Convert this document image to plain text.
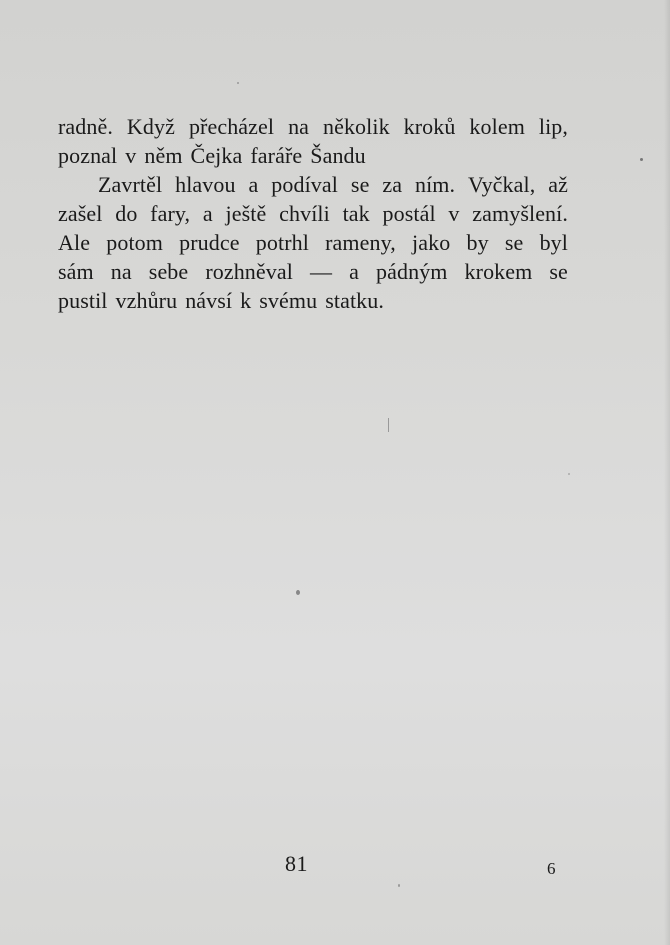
radně. Když přecházel na několik kroků kolem lip,
poznal v něm Čejka faráře Šandu
Zavrtěl hlavou a podíval se za ním. Vyčkal, až
zašel do fary, a ještě chvíli tak postál v zamyšlení.
Ale potom prudce potrhl rameny, jako by se byl
sám na sebe rozhněval — a pádným krokem se
pustil vzhůru návsí k svému statku.
81	6
